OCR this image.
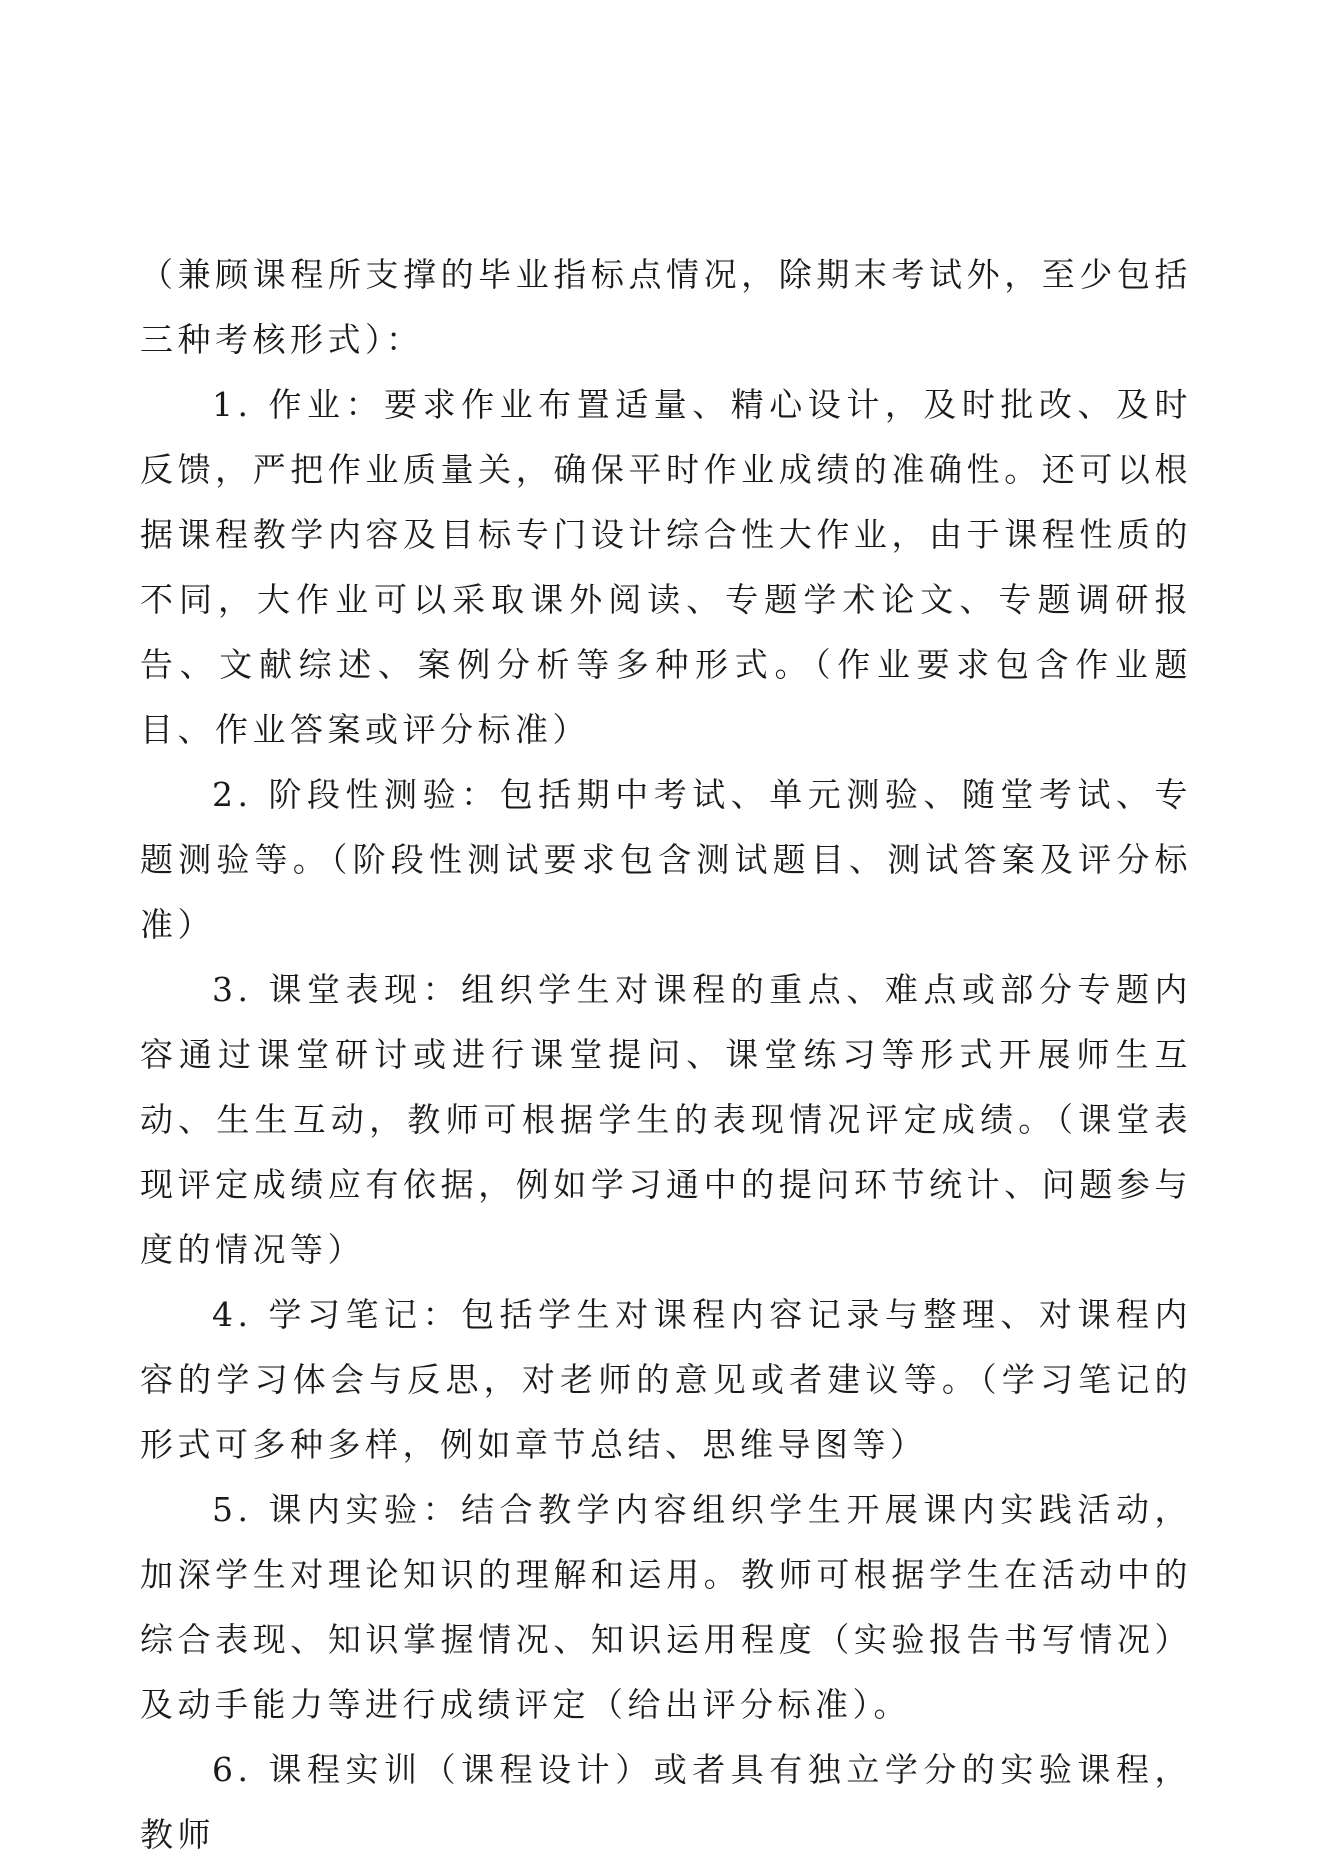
（兼顾课程所支撑的毕业指标点情况，除期末考试外，至少包括三种考核形式）：

1. 作业：要求作业布置适量、精心设计，及时批改、及时反馈，严把作业质量关，确保平时作业成绩的准确性。还可以根据课程教学内容及目标专门设计综合性大作业，由于课程性质的不同，大作业可以采取课外阅读、专题学术论文、专题调研报告、文献综述、案例分析等多种形式。（作业要求包含作业题目、作业答案或评分标准）

2. 阶段性测验：包括期中考试、单元测验、随堂考试、专题测验等。（阶段性测试要求包含测试题目、测试答案及评分标准）

3. 课堂表现：组织学生对课程的重点、难点或部分专题内容通过课堂研讨或进行课堂提问、课堂练习等形式开展师生互动、生生互动，教师可根据学生的表现情况评定成绩。（课堂表现评定成绩应有依据，例如学习通中的提问环节统计、问题参与度的情况等）

4. 学习笔记：包括学生对课程内容记录与整理、对课程内容的学习体会与反思，对老师的意见或者建议等。（学习笔记的形式可多种多样，例如章节总结、思维导图等）

5. 课内实验：结合教学内容组织学生开展课内实践活动，加深学生对理论知识的理解和运用。教师可根据学生在活动中的综合表现、知识掌握情况、知识运用程度（实验报告书写情况）及动手能力等进行成绩评定（给出评分标准）。

6. 课程实训（课程设计）或者具有独立学分的实验课程，教师
